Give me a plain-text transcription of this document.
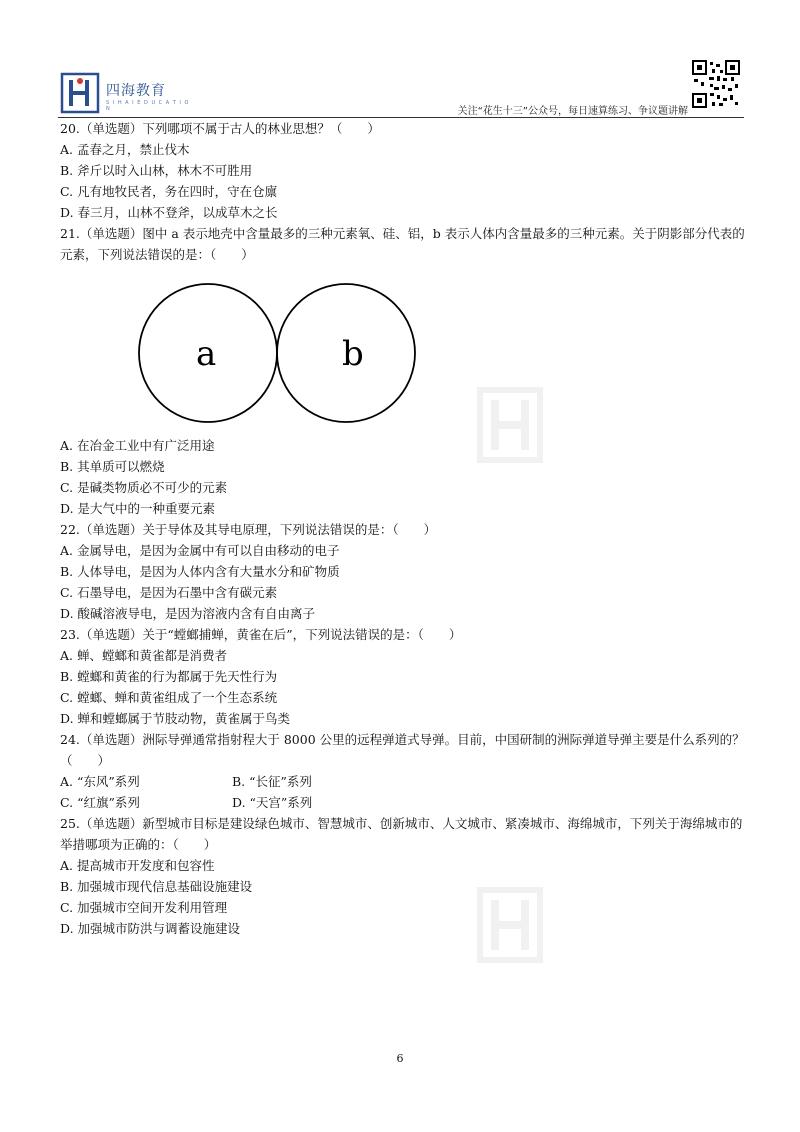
四海教育
S I H A I E D U C A T I O N	关注“花生十三”公众号，每日速算练习、争议题讲解
20.（单选题）下列哪项不属于古人的林业思想？（　　）
A. 孟春之月，禁止伐木
B. 斧斤以时入山林，林木不可胜用
C. 凡有地牧民者，务在四时，守在仓廪
D. 春三月，山林不登斧，以成草木之长
21.（单选题）图中 a 表示地壳中含量最多的三种元素氧、硅、铝，b 表示人体内含量最多的三种元素。关于阴影部分代表的元素，下列说法错误的是：（　　）
a	b
A. 在冶金工业中有广泛用途
B. 其单质可以燃烧
C. 是碱类物质必不可少的元素
D. 是大气中的一种重要元素
22.（单选题）关于导体及其导电原理，下列说法错误的是：（　　）
A. 金属导电，是因为金属中有可以自由移动的电子
B. 人体导电，是因为人体内含有大量水分和矿物质
C. 石墨导电，是因为石墨中含有碳元素
D. 酸碱溶液导电，是因为溶液内含有自由离子
23.（单选题）关于“螳螂捕蝉，黄雀在后”，下列说法错误的是：（　　）
A. 蝉、螳螂和黄雀都是消费者
B. 螳螂和黄雀的行为都属于先天性行为
C. 螳螂、蝉和黄雀组成了一个生态系统
D. 蝉和螳螂属于节肢动物，黄雀属于鸟类
24.（单选题）洲际导弹通常指射程大于 8000 公里的远程弹道式导弹。目前，中国研制的洲际弹道导弹主要是什么系列的？（　　）
A. “东风”系列	B. “长征”系列
C. “红旗”系列	D. “天宫”系列
25.（单选题）新型城市目标是建设绿色城市、智慧城市、创新城市、人文城市、紧凑城市、海绵城市，下列关于海绵城市的举措哪项为正确的：（　　）
A. 提高城市开发度和包容性
B. 加强城市现代信息基础设施建设
C. 加强城市空间开发利用管理
D. 加强城市防洪与调蓄设施建设
6
